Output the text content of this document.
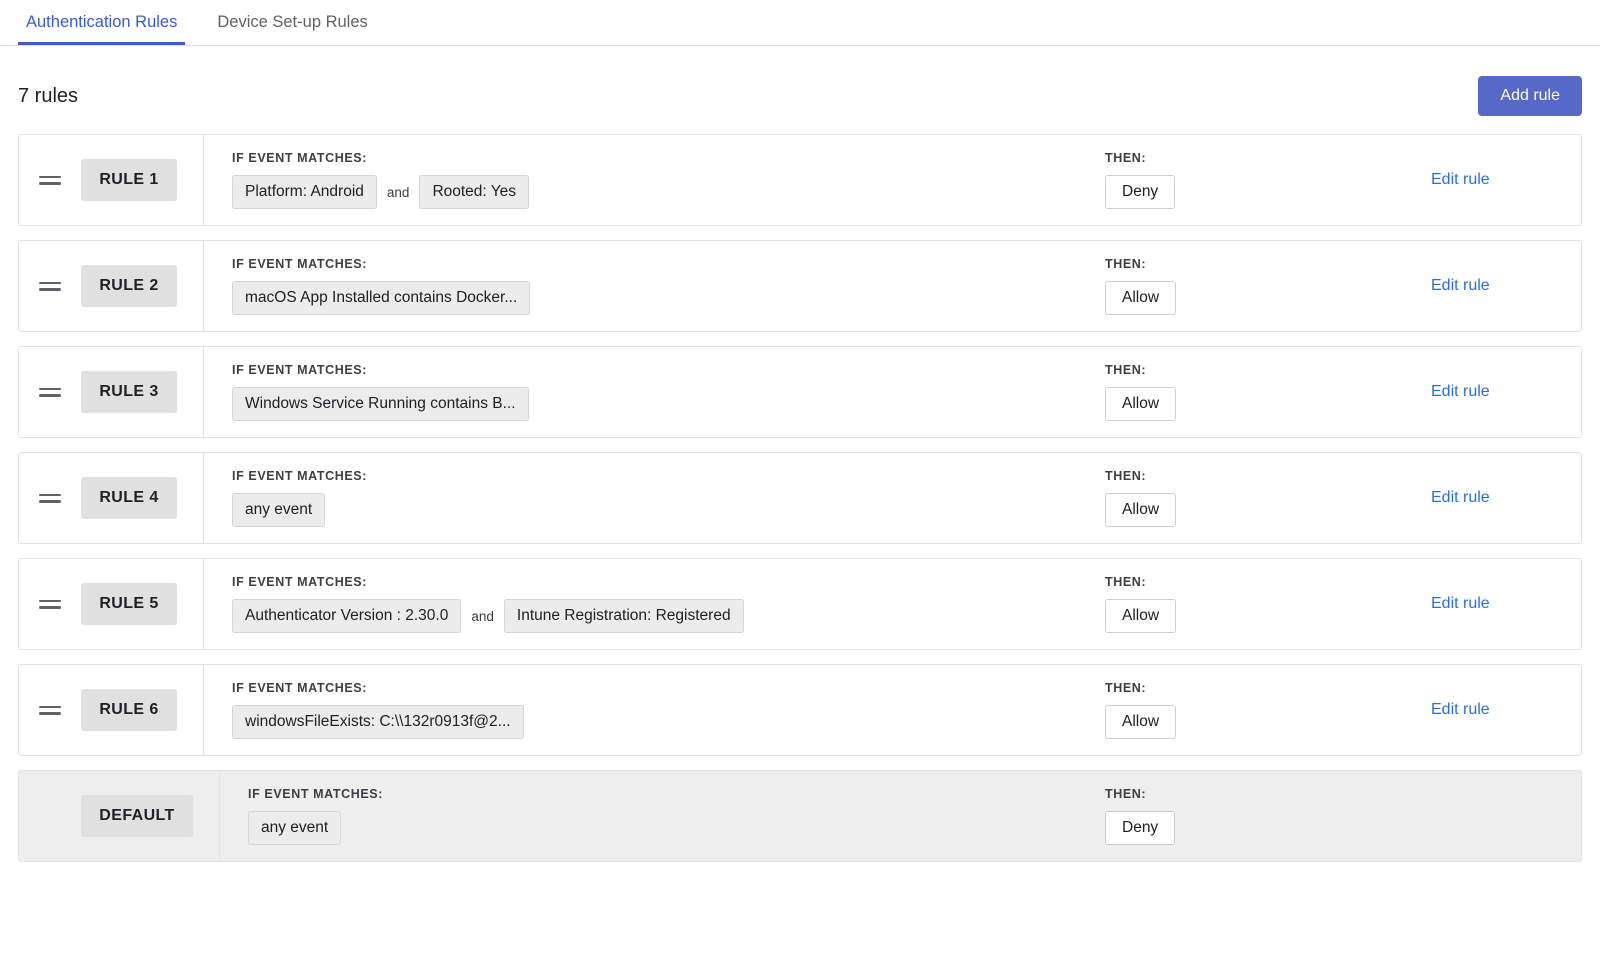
Authentication Rules	Device Set-up Rules
7 rules	Add rule
RULE 1
IF EVENT MATCHES:
Platform: Android	and	Rooted: Yes
THEN:
Deny
Edit rule
RULE 2
IF EVENT MATCHES:
macOS App Installed contains Docker...
THEN:
Allow
Edit rule
RULE 3
IF EVENT MATCHES:
Windows Service Running contains B...
THEN:
Allow
Edit rule
RULE 4
IF EVENT MATCHES:
any event
THEN:
Allow
Edit rule
RULE 5
IF EVENT MATCHES:
Authenticator Version : 2.30.0	and	Intune Registration: Registered
THEN:
Allow
Edit rule
RULE 6
IF EVENT MATCHES:
windowsFileExists: C:\\132r0913f@2...
THEN:
Allow
Edit rule
DEFAULT
IF EVENT MATCHES:
any event
THEN:
Deny
